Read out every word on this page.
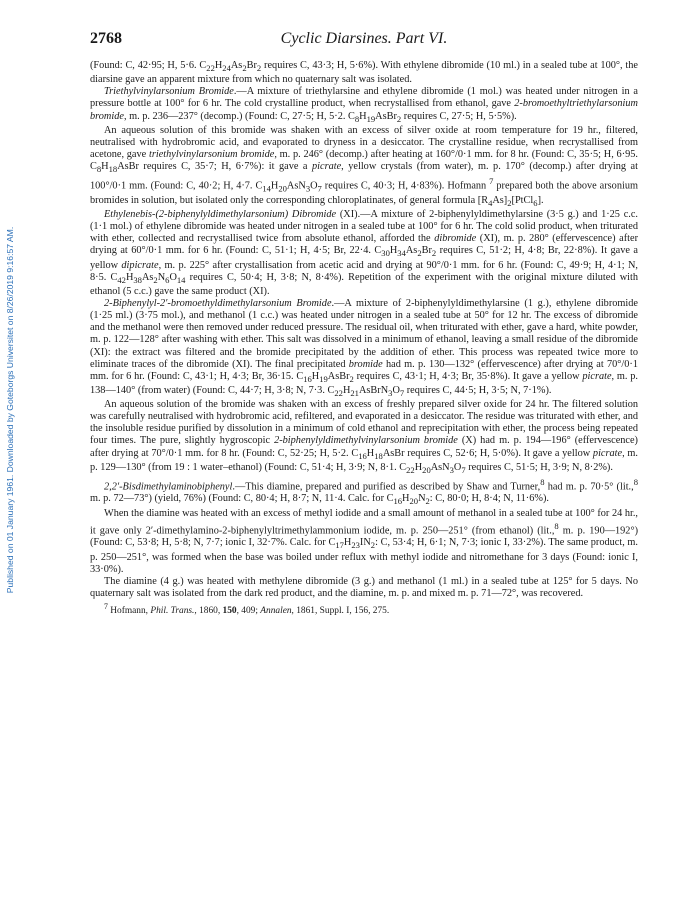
Published on 01 January 1961. Downloaded by Goteborgs Universitet on 8/26/2019 9:16:57 AM.
2768	Cyclic Diarsines. Part VI.

(Found: C, 42·95; H, 5·6. $C_{22}H_{24}As_2Br_2$ requires C, 43·3; H, 5·6%). With ethylene dibromide (10 ml.) in a sealed tube at 100°, the diarsine gave an apparent mixture from which no quaternary salt was isolated.

Triethylvinylarsonium Bromide.—A mixture of triethylarsine and ethylene dibromide (1 mol.) was heated under nitrogen in a pressure bottle at 100° for 6 hr. The cold crystalline product, when recrystallised from ethanol, gave 2-bromoethyltriethylarsonium bromide, m. p. 236—237° (decomp.) (Found: C, 27·5; H, 5·2. $C_8H_{19}AsBr_2$ requires C, 27·5; H, 5·5%).

An aqueous solution of this bromide was shaken with an excess of silver oxide at room temperature for 19 hr., filtered, neutralised with hydrobromic acid, and evaporated to dryness in a desiccator. The crystalline residue, when recrystallised from acetone, gave triethylvinylarsonium bromide, m. p. 246° (decomp.) after heating at 160°/0·1 mm. for 8 hr. (Found: C, 35·5; H, 6·95. $C_8H_{18}AsBr$ requires C, 35·7; H, 6·7%): it gave a picrate, yellow crystals (from water), m. p. 170° (decomp.) after drying at 100°/0·1 mm. (Found: C, 40·2; H, 4·7. $C_{14}H_{20}AsN_3O_7$ requires C, 40·3; H, 4·83%). Hofmann $^7$ prepared both the above arsonium bromides in solution, but isolated only the corresponding chloroplatinates, of general formula $[R_4As]_2[PtCl_6]$.

Ethylenebis-(2-biphenylyldimethylarsonium) Dibromide (XI).—A mixture of 2-biphenylyldimethylarsine (3·5 g.) and 1·25 c.c. (1·1 mol.) of ethylene dibromide was heated under nitrogen in a sealed tube at 100° for 6 hr. The cold solid product, when triturated with ether, collected and recrystallised twice from absolute ethanol, afforded the dibromide (XI), m. p. 280° (effervescence) after drying at 60°/0·1 mm. for 6 hr. (Found: C, 51·1; H, 4·5; Br, 22·4. $C_{30}H_{34}As_2Br_2$ requires C, 51·2; H, 4·8; Br, 22·8%). It gave a yellow dipicrate, m. p. 225° after crystallisation from acetic acid and drying at 90°/0·1 mm. for 6 hr. (Found: C, 49·9; H, 4·1; N, 8·5. $C_{42}H_{38}As_2N_6O_{14}$ requires C, 50·4; H, 3·8; N, 8·4%). Repetition of the experiment with the original mixture diluted with ethanol (5 c.c.) gave the same product (XI).

2-Biphenylyl-2′-bromoethyldimethylarsonium Bromide.—A mixture of 2-biphenylyldimethylarsine (1 g.), ethylene dibromide (1·25 ml.) (3·75 mol.), and methanol (1 c.c.) was heated under nitrogen in a sealed tube at 50° for 12 hr. The excess of dibromide and the methanol were then removed under reduced pressure. The residual oil, when triturated with ether, gave a hard, white powder, m. p. 122—128° after washing with ether. This salt was dissolved in a minimum of ethanol, leaving a small residue of the dibromide (XI): the extract was filtered and the bromide precipitated by the addition of ether. This process was repeated twice more to eliminate traces of the dibromide (XI). The final precipitated bromide had m. p. 130—132° (effervescence) after drying at 70°/0·1 mm. for 6 hr. (Found: C, 43·1; H, 4·3; Br, 36·15. $C_{16}H_{19}AsBr_2$ requires C, 43·1; H, 4·3; Br, 35·8%). It gave a yellow picrate, m. p. 138—140° (from water) (Found: C, 44·7; H, 3·8; N, 7·3. $C_{22}H_{21}AsBrN_3O_7$ requires C, 44·5; H, 3·5; N, 7·1%).

An aqueous solution of the bromide was shaken with an excess of freshly prepared silver oxide for 24 hr. The filtered solution was carefully neutralised with hydrobromic acid, refiltered, and evaporated in a desiccator. The residue was triturated with ether, and the insoluble residue purified by dissolution in a minimum of cold ethanol and reprecipitation with ether, the process being repeated four times. The pure, slightly hygroscopic 2-biphenylyldimethylvinylarsonium bromide (X) had m. p. 194—196° (effervescence) after drying at 70°/0·1 mm. for 8 hr. (Found: C, 52·25; H, 5·2. $C_{16}H_{18}AsBr$ requires C, 52·6; H, 5·0%). It gave a yellow picrate, m. p. 129—130° (from 19 : 1 water–ethanol) (Found: C, 51·4; H, 3·9; N, 8·1. $C_{22}H_{20}AsN_3O_7$ requires C, 51·5; H, 3·9; N, 8·2%).

2,2′-Bisdimethylaminobiphenyl.—This diamine, prepared and purified as described by Shaw and Turner,$^8$ had m. p. 70·5° (lit.,$^8$ m. p. 72—73°) (yield, 76%) (Found: C, 80·4; H, 8·7; N, 11·4. Calc. for $C_{16}H_{20}N_2$: C, 80·0; H, 8·4; N, 11·6%).

When the diamine was heated with an excess of methyl iodide and a small amount of methanol in a sealed tube at 100° for 24 hr., it gave only 2′-dimethylamino-2-biphenylyltrimethylammonium iodide, m. p. 250—251° (from ethanol) (lit.,$^8$ m. p. 190—192°) (Found: C, 53·8; H, 5·8; N, 7·7; ionic I, 32·7%. Calc. for $C_{17}H_{23}IN_2$: C, 53·4; H, 6·1; N, 7·3; ionic I, 33·2%). The same product, m. p. 250—251°, was formed when the base was boiled under reflux with methyl iodide and nitromethane for 3 days (Found: ionic I, 33·0%).

The diamine (4 g.) was heated with methylene dibromide (3 g.) and methanol (1 ml.) in a sealed tube at 125° for 5 days. No quaternary salt was isolated from the dark red product, and the diamine, m. p. and mixed m. p. 71—72°, was recovered.

$^7$ Hofmann, Phil. Trans., 1860, 150, 409; Annalen, 1861, Suppl. I, 156, 275.
